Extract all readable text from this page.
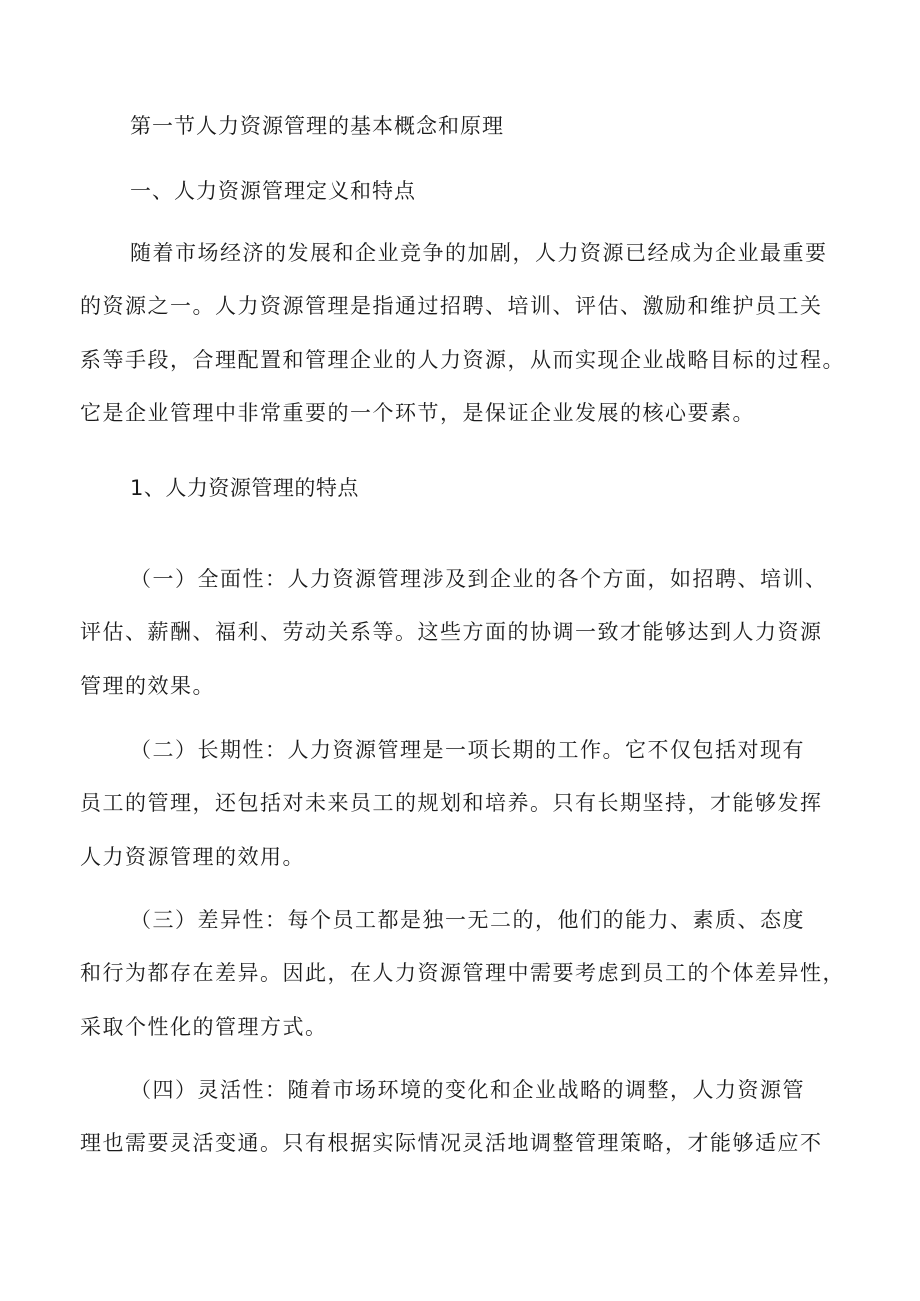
第一节人力资源管理的基本概念和原理
一、人力资源管理定义和特点
随着市场经济的发展和企业竞争的加剧，人力资源已经成为企业最重要
的资源之一。人力资源管理是指通过招聘、培训、评估、激励和维护员工关
系等手段，合理配置和管理企业的人力资源，从而实现企业战略目标的过程。
它是企业管理中非常重要的一个环节，是保证企业发展的核心要素。
1、人力资源管理的特点
（一）全面性：人力资源管理涉及到企业的各个方面，如招聘、培训、
评估、薪酬、福利、劳动关系等。这些方面的协调一致才能够达到人力资源
管理的效果。
（二）长期性：人力资源管理是一项长期的工作。它不仅包括对现有
员工的管理，还包括对未来员工的规划和培养。只有长期坚持，才能够发挥
人力资源管理的效用。
（三）差异性：每个员工都是独一无二的，他们的能力、素质、态度
和行为都存在差异。因此，在人力资源管理中需要考虑到员工的个体差异性，
采取个性化的管理方式。
（四）灵活性：随着市场环境的变化和企业战略的调整，人力资源管
理也需要灵活变通。只有根据实际情况灵活地调整管理策略，才能够适应不
